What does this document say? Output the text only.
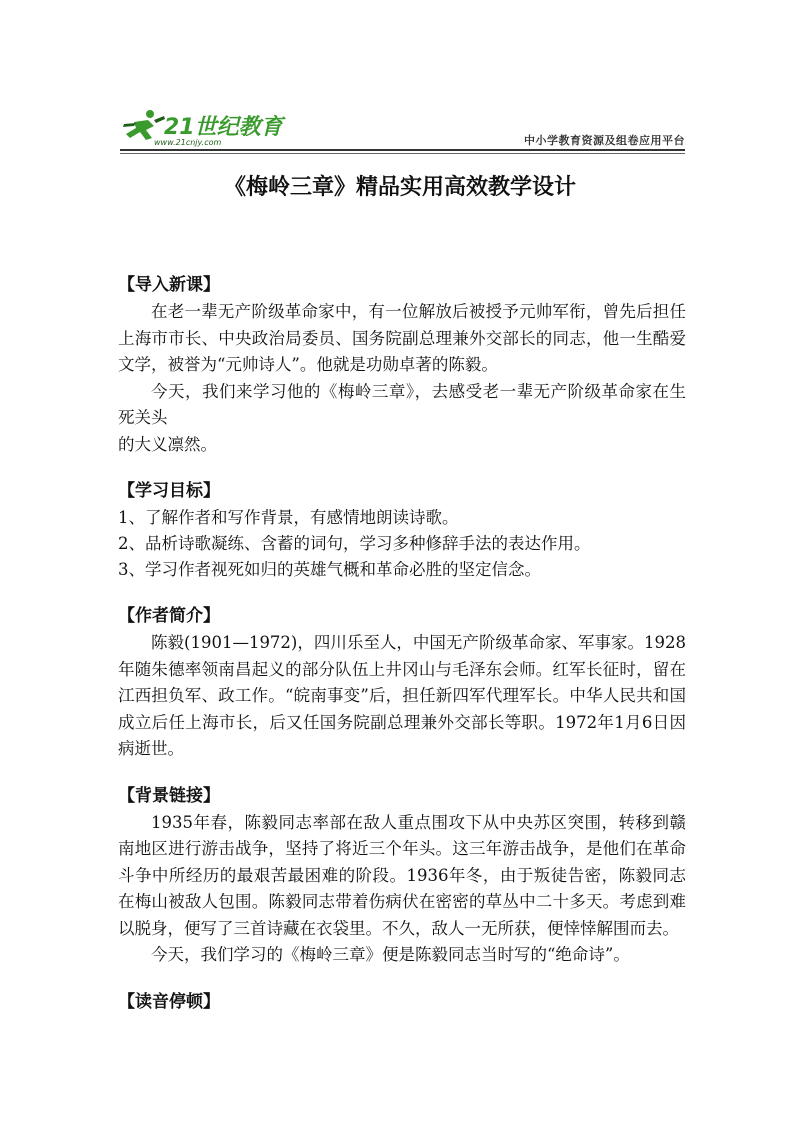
21世纪教育
www.21cnjy.com	中小学教育资源及组卷应用平台
《梅岭三章》精品实用高效教学设计

【导入新课】

在老一辈无产阶级革命家中，有一位解放后被授予元帅军衔，曾先后担任上海市市长、中央政治局委员、国务院副总理兼外交部长的同志，他一生酷爱文学，被誉为“元帅诗人”。他就是功勋卓著的陈毅。

今天，我们来学习他的《梅岭三章》，去感受老一辈无产阶级革命家在生死关头

的大义凛然。

【学习目标】

1、了解作者和写作背景，有感情地朗读诗歌。

2、品析诗歌凝练、含蓄的词句，学习多种修辞手法的表达作用。

3、学习作者视死如归的英雄气概和革命必胜的坚定信念。

【作者简介】

陈毅(1901—1972)，四川乐至人，中国无产阶级革命家、军事家。1928年随朱德率领南昌起义的部分队伍上井冈山与毛泽东会师。红军长征时，留在江西担负军、政工作。“皖南事变”后，担任新四军代理军长。中华人民共和国成立后任上海市长，后又任国务院副总理兼外交部长等职。1972年1月6日因病逝世。

【背景链接】

1935年春，陈毅同志率部在敌人重点围攻下从中央苏区突围，转移到赣南地区进行游击战争，坚持了将近三个年头。这三年游击战争，是他们在革命斗争中所经历的最艰苦最困难的阶段。1936年冬，由于叛徒告密，陈毅同志在梅山被敌人包围。陈毅同志带着伤病伏在密密的草丛中二十多天。考虑到难以脱身，便写了三首诗藏在衣袋里。不久，敌人一无所获，便悻悻解围而去。

今天，我们学习的《梅岭三章》便是陈毅同志当时写的“绝命诗”。

【读音停顿】
